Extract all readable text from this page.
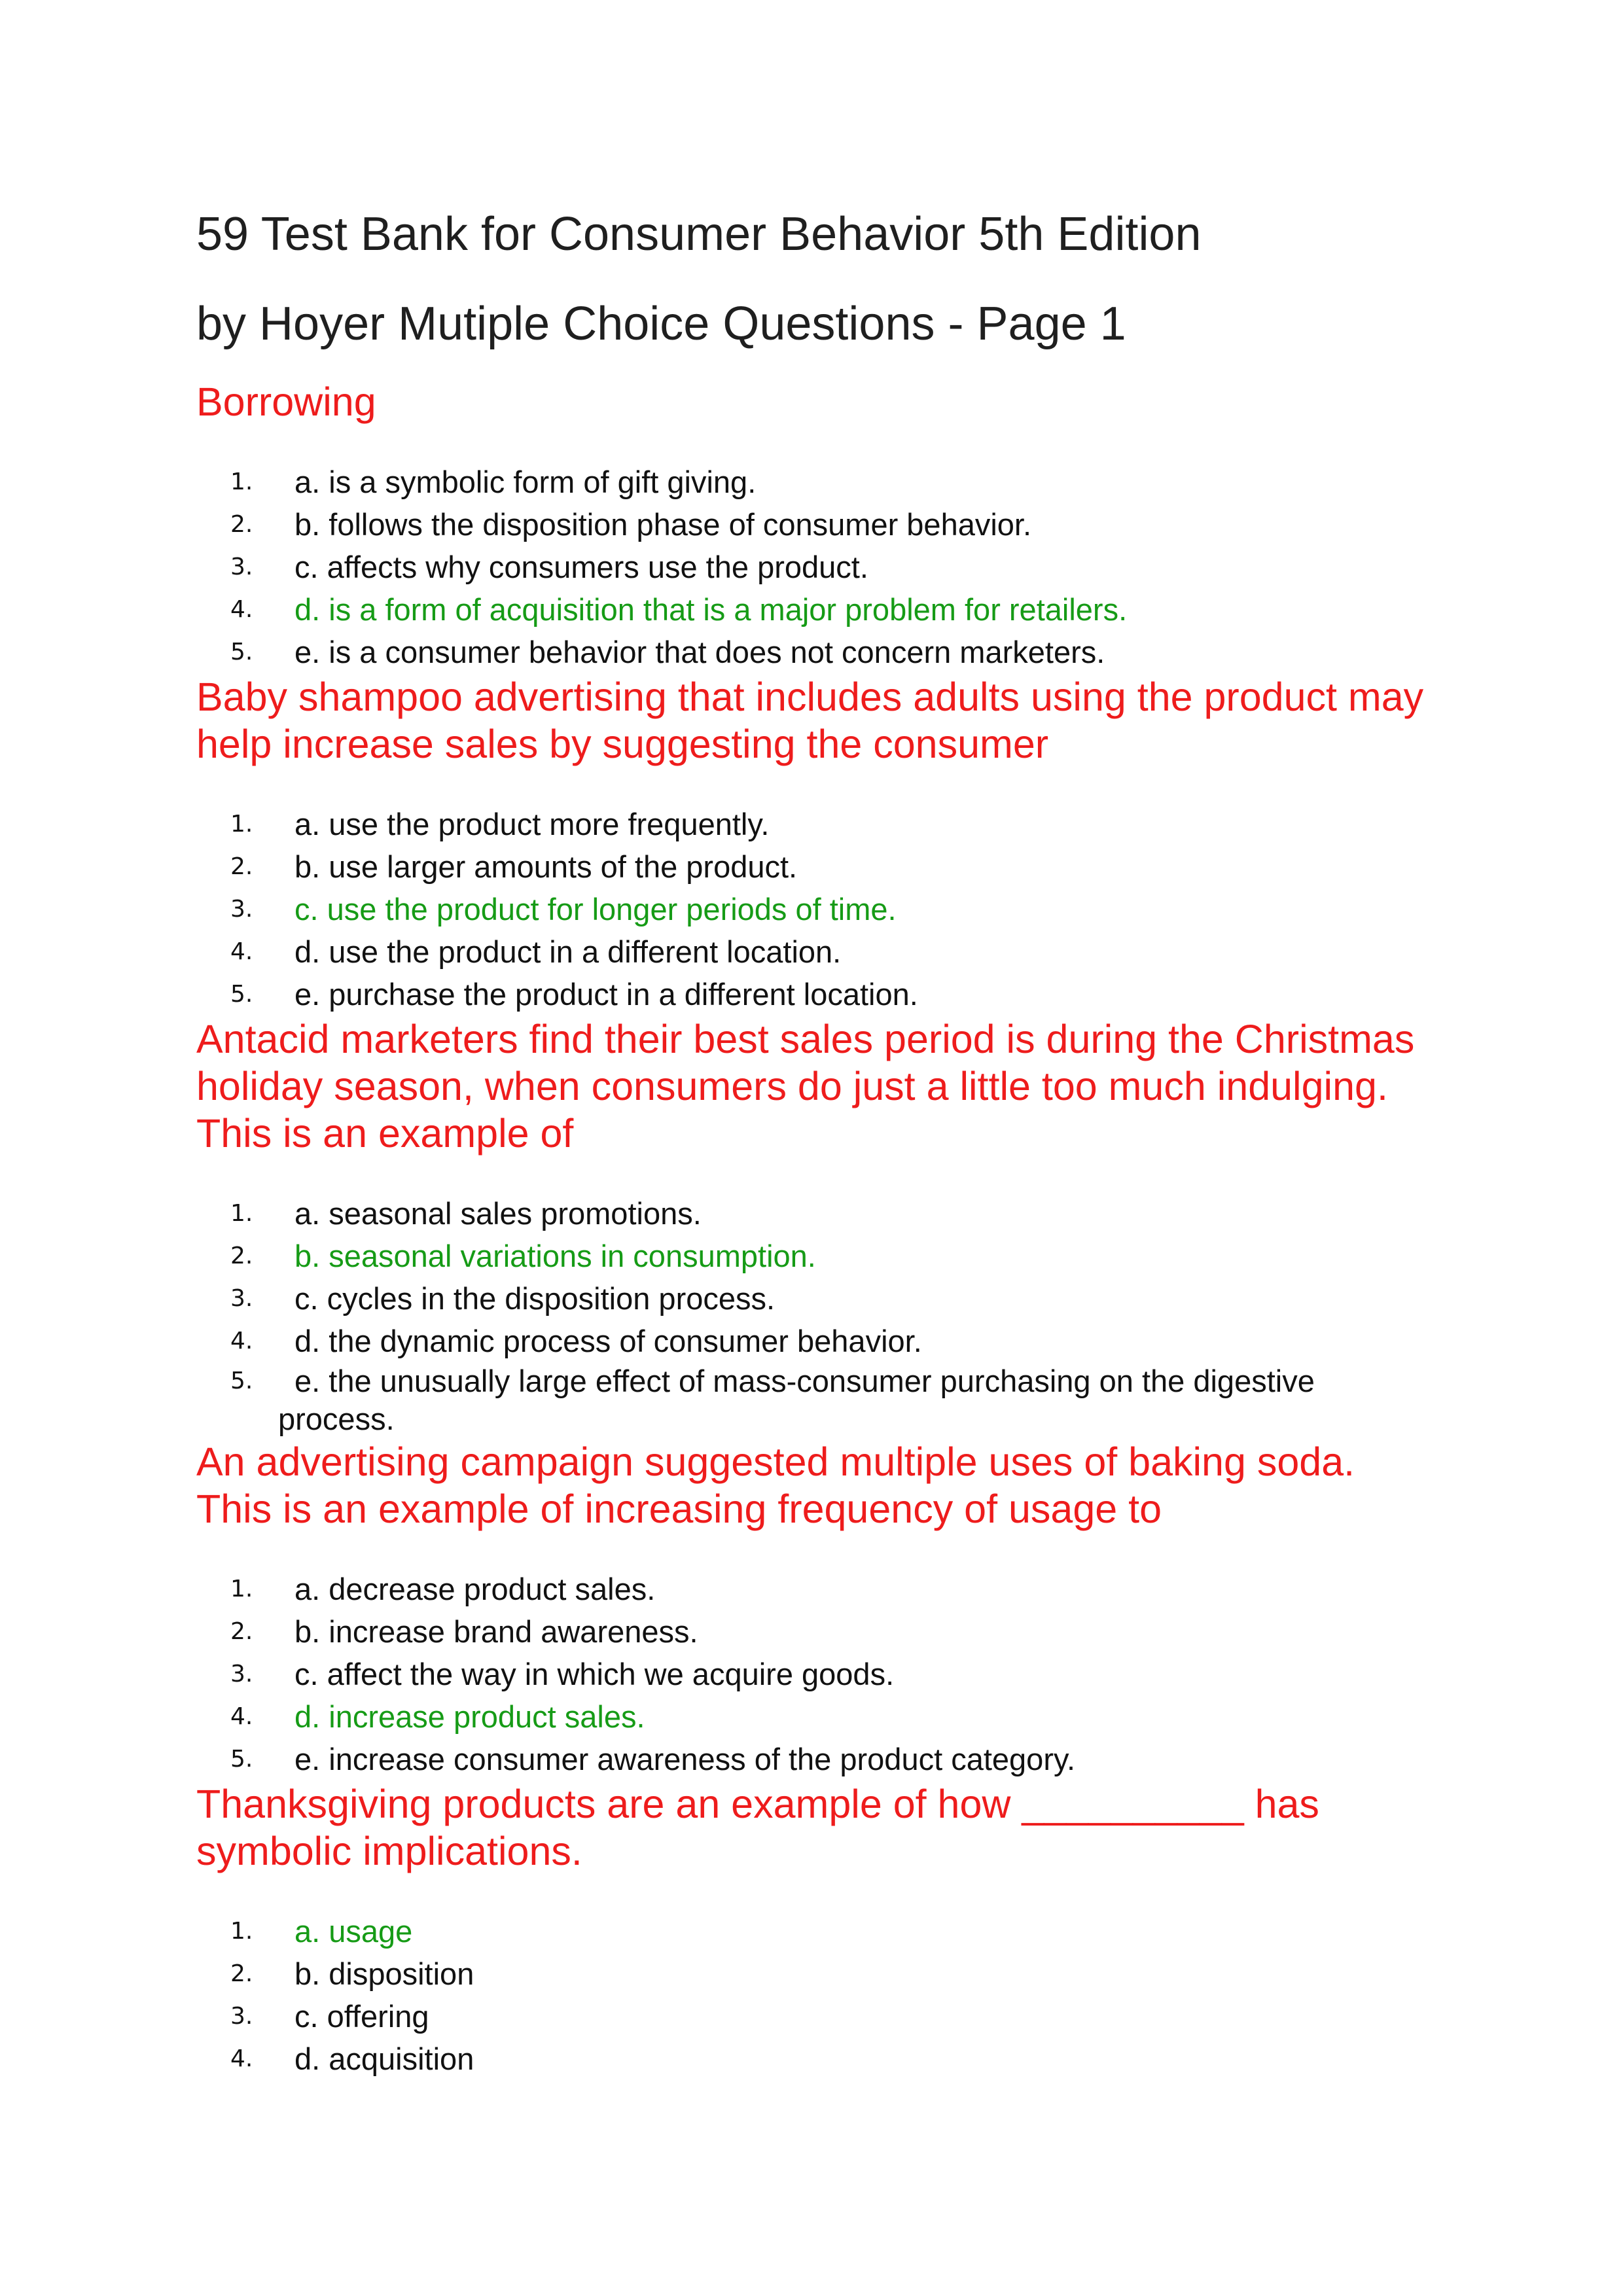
59 Test Bank for Consumer Behavior 5th Edition
by Hoyer Mutiple Choice Questions - Page 1

Borrowing

1. a. is a symbolic form of gift giving.
2. b. follows the disposition phase of consumer behavior.
3. c. affects why consumers use the product.
4. d. is a form of acquisition that is a major problem for retailers.
5. e. is a consumer behavior that does not concern marketers.

Baby shampoo advertising that includes adults using the product may help increase sales by suggesting the consumer

1. a. use the product more frequently.
2. b. use larger amounts of the product.
3. c. use the product for longer periods of time.
4. d. use the product in a different location.
5. e. purchase the product in a different location.

Antacid marketers find their best sales period is during the Christmas holiday season, when consumers do just a little too much indulging. This is an example of

1. a. seasonal sales promotions.
2. b. seasonal variations in consumption.
3. c. cycles in the disposition process.
4. d. the dynamic process of consumer behavior.
5. e. the unusually large effect of mass-consumer purchasing on the digestive
process.

An advertising campaign suggested multiple uses of baking soda. This is an example of increasing frequency of usage to

1. a. decrease product sales.
2. b. increase brand awareness.
3. c. affect the way in which we acquire goods.
4. d. increase product sales.
5. e. increase consumer awareness of the product category.

Thanksgiving products are an example of how __________ has symbolic implications.

1. a. usage
2. b. disposition
3. c. offering
4. d. acquisition
